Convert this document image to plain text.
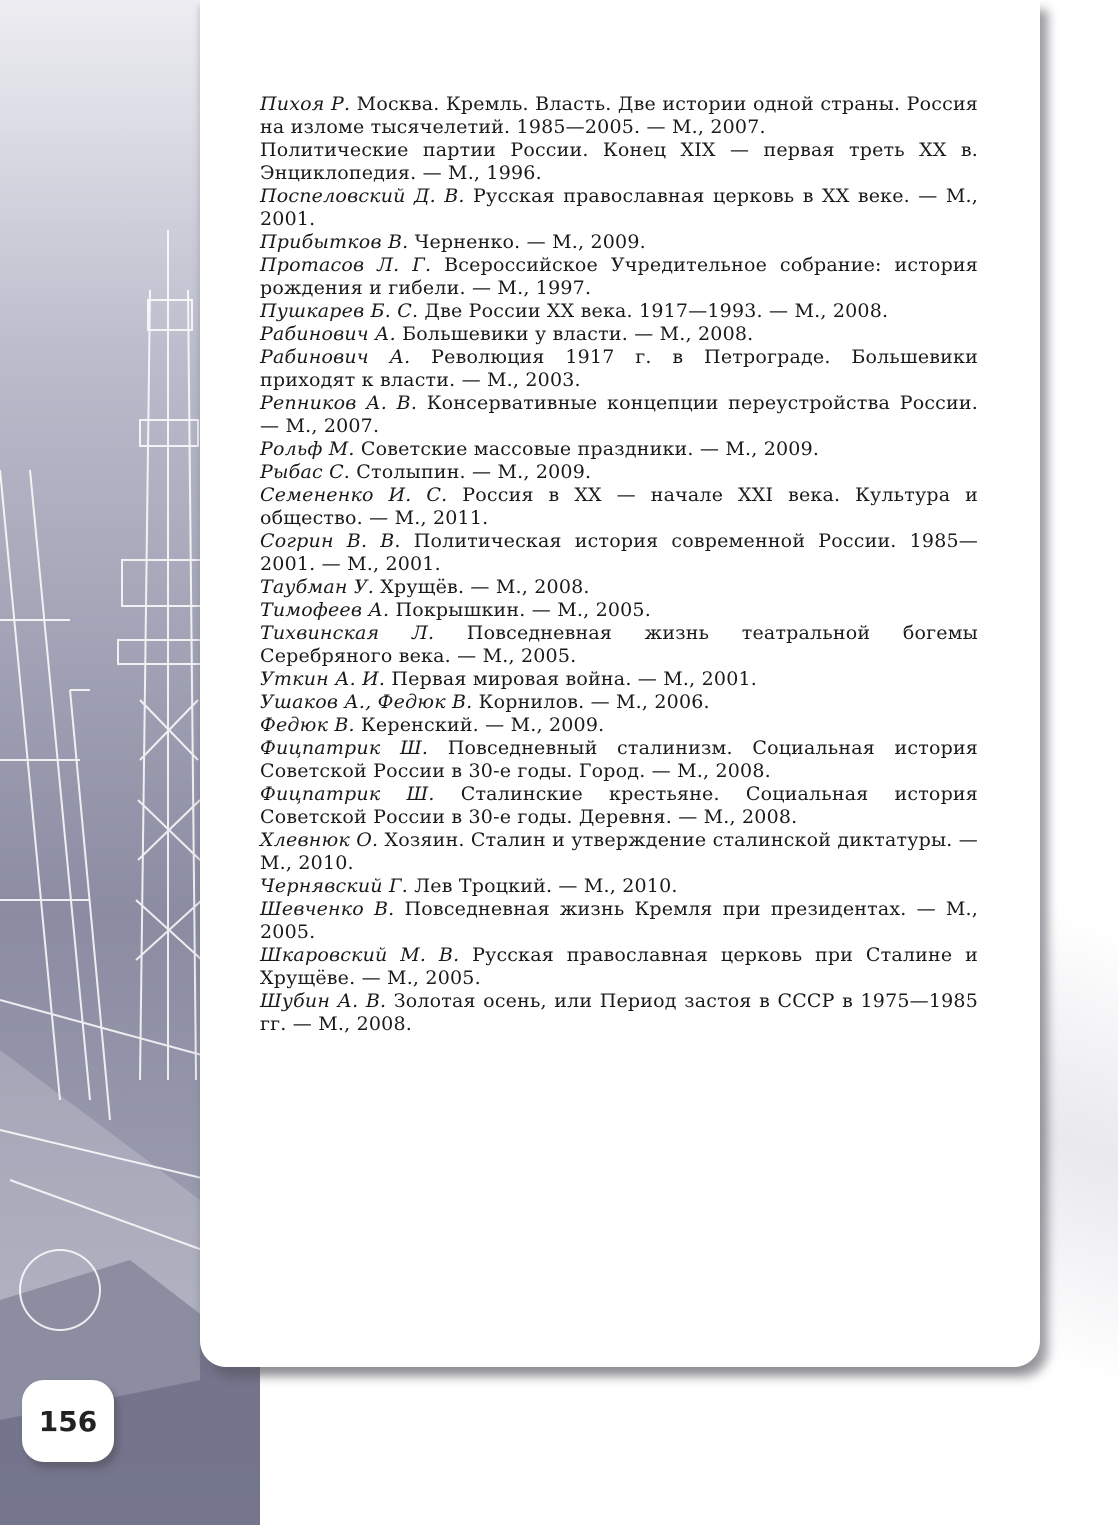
Пихоя Р. Москва. Кремль. Власть. Две истории одной страны. Россия на изломе тысячелетий. 1985—2005. — М., 2007.
Политические партии России. Конец XIX — первая треть XX в. Энциклопедия. — М., 1996.
Поспеловский Д. В. Русская православная церковь в XX веке. — М., 2001.
Прибытков В. Черненко. — М., 2009.
Протасов Л. Г. Всероссийское Учредительное собрание: история рождения и гибели. — М., 1997.
Пушкарев Б. С. Две России XX века. 1917—1993. — М., 2008.
Рабинович А. Большевики у власти. — М., 2008.
Рабинович А. Революция 1917 г. в Петрограде. Большевики приходят к власти. — М., 2003.
Репников А. В. Консервативные концепции переустройства России. — М., 2007.
Рольф М. Советские массовые праздники. — М., 2009.
Рыбас С. Столыпин. — М., 2009.
Семененко И. С. Россия в XX — начале XXI века. Культура и общество. — М., 2011.
Согрин В. В. Политическая история современной России. 1985—2001. — М., 2001.
Таубман У. Хрущёв. — М., 2008.
Тимофеев А. Покрышкин. — М., 2005.
Тихвинская Л. Повседневная жизнь театральной богемы Серебряного века. — М., 2005.
Уткин А. И. Первая мировая война. — М., 2001.
Ушаков А., Федюк В. Корнилов. — М., 2006.
Федюк В. Керенский. — М., 2009.
Фицпатрик Ш. Повседневный сталинизм. Социальная история Советской России в 30-е годы. Город. — М., 2008.
Фицпатрик Ш. Сталинские крестьяне. Социальная история Советской России в 30-е годы. Деревня. — М., 2008.
Хлевнюк О. Хозяин. Сталин и утверждение сталинской диктатуры. — М., 2010.
Чернявский Г. Лев Троцкий. — М., 2010.
Шевченко В. Повседневная жизнь Кремля при президентах. — М., 2005.
Шкаровский М. В. Русская православная церковь при Сталине и Хрущёве. — М., 2005.
Шубин А. В. Золотая осень, или Период застоя в СССР в 1975—1985 гг. — М., 2008.
156
